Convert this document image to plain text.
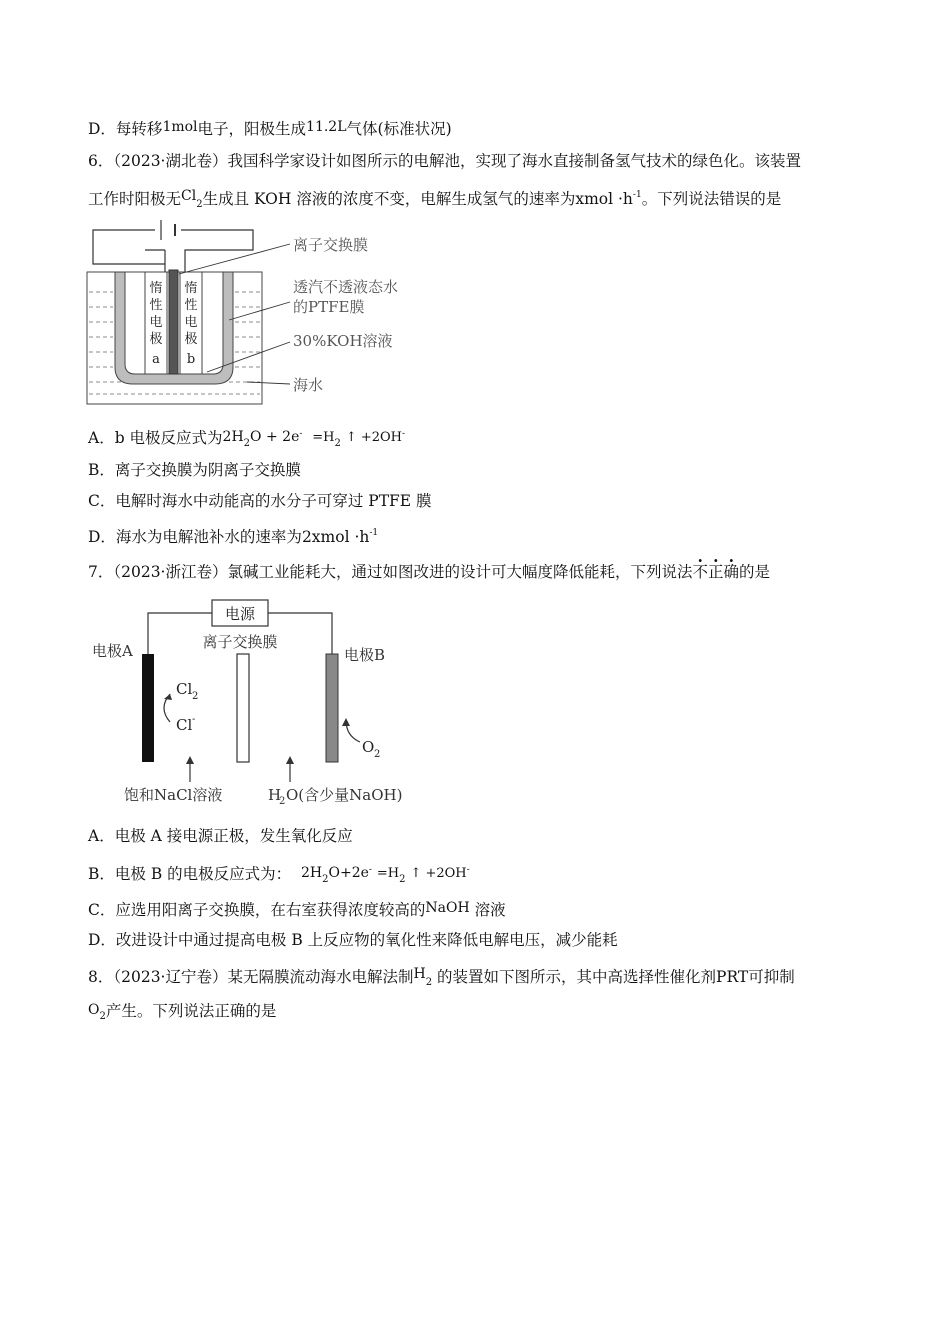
D．每转移1mol电子，阳极生成11.2L气体(标准状况)
6．（2023·湖北卷）我国科学家设计如图所示的电解池，实现了海水直接制备氢气技术的绿色化。该装置
工作时阳极无$Cl_2$生成且 KOH 溶液的浓度不变，电解生成氢气的速率为xmol $\cdot h^{-1}$。下列说法错误的是
惰
性
电
极
a
惰
性
电
极
b
离子交换膜
透汽不透液态水
的PTFE膜
30%KOH溶液
海水
A．b 电极反应式为$2H_2O + 2e^- =H_2$ ↑ +2OH-
B．离子交换膜为阴离子交换膜
C．电解时海水中动能高的水分子可穿过 PTFE 膜
D．海水为电解池补水的速率为2xmol $\cdot h^{-1}$
7．（2023·浙江卷）氯碱工业能耗大，通过如图改进的设计可大幅度降低能耗，下列说法不正确的是
电源
离子交换膜
电极A	电极B
Cl 2
Cl -
O 2
饱和NaCl溶液	H
2 O(含少量NaOH)
A．电极 A 接电源正极，发生氧化反应
B．电极 B 的电极反应式为： $2H_2O+2e^- =H_2$ ↑ +2OH-
C．应选用阳离子交换膜，在右室获得浓度较高的NaOH 溶液
D．改进设计中通过提高电极 B 上反应物的氧化性来降低电解电压，减少能耗
8．（2023·辽宁卷）某无隔膜流动海水电解法制$H_2$ 的装置如下图所示，其中高选择性催化剂PRT可抑制
$O_2$产生。下列说法正确的是
